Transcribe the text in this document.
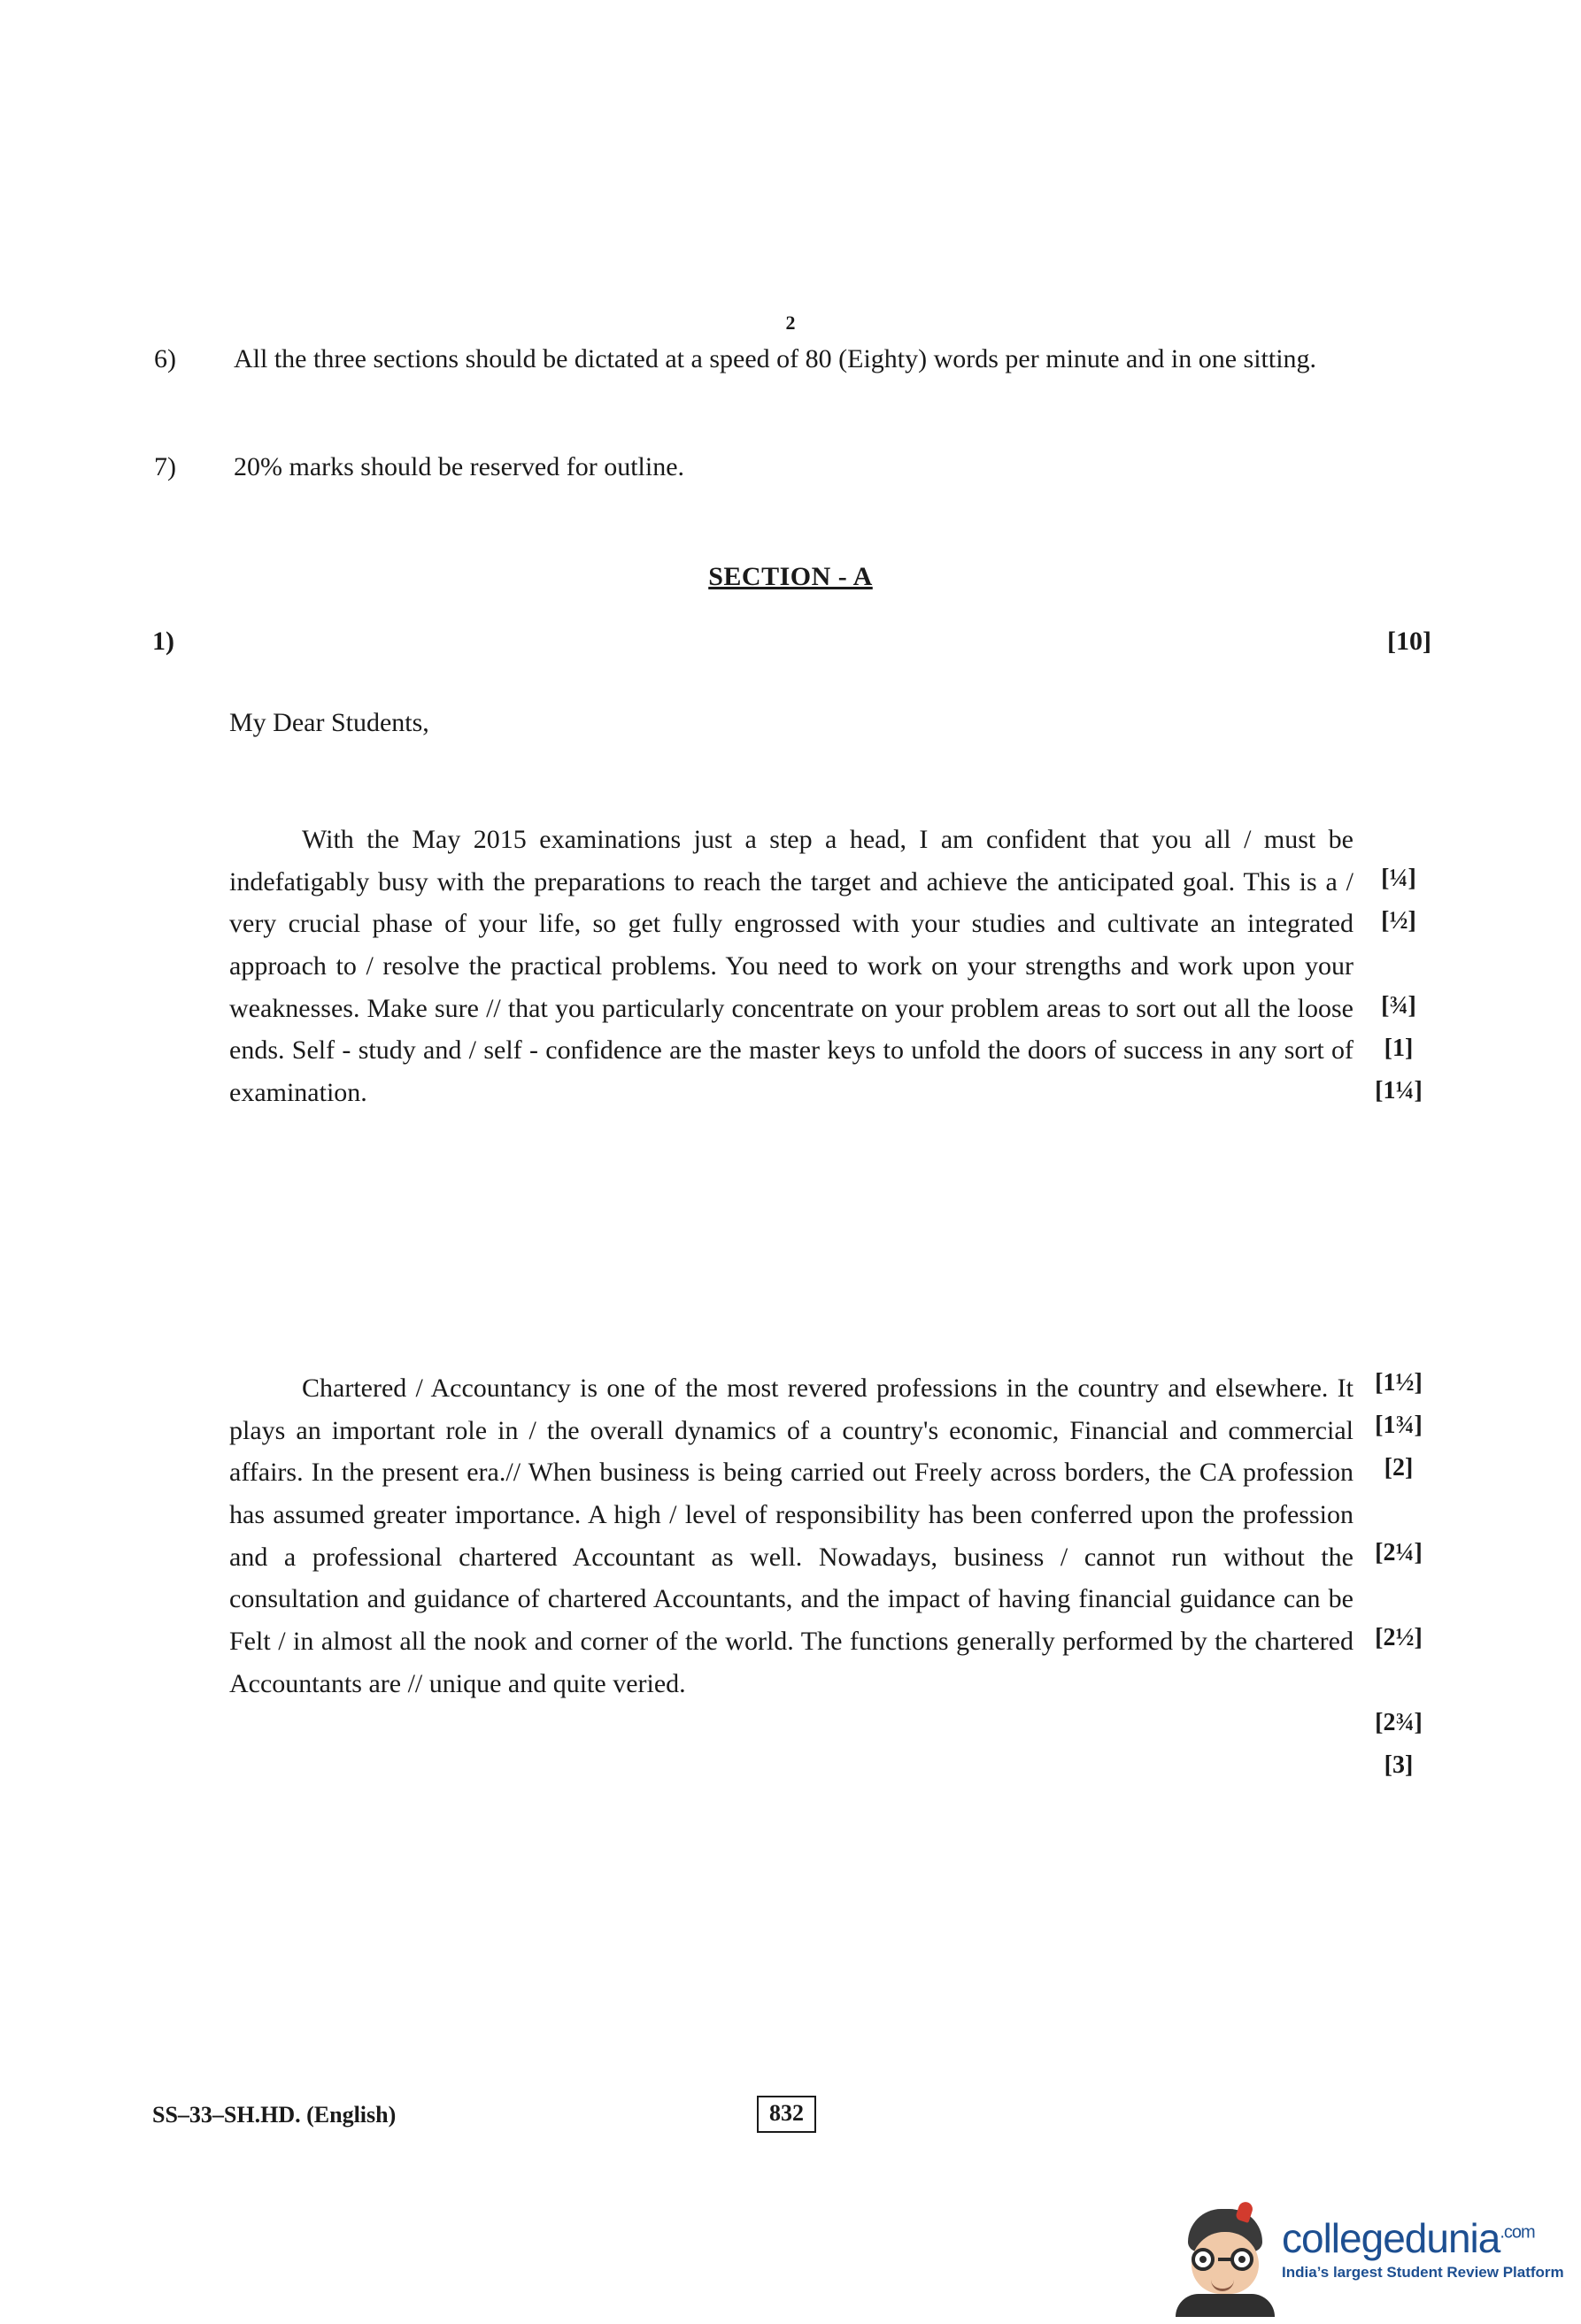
2
6)	All the three sections should be dictated at a speed of 80 (Eighty) words per minute and in one sitting.
7)	20% marks should be reserved for outline.
SECTION - A
1)	[10]
My Dear Students,
With the May 2015 examinations just a step a head, I am confident that you all / must be indefatigably busy with the preparations to reach the target and achieve the anticipated goal. This is a / very crucial phase of your life, so get fully engrossed with your studies and cultivate an integrated approach to / resolve the practical problems. You need to work on your strengths and work upon your weaknesses. Make sure // that you particularly concentrate on your problem areas to sort out all the loose ends. Self - study and / self - confidence are the master keys to unfold the doors of success in any sort of examination.
[¼]
[½]
[¾]
[1]
[1¼]
Chartered / Accountancy is one of the most revered professions in the country and elsewhere. It plays an important role in / the overall dynamics of a country's economic, Financial and commercial affairs. In the present era.// When business is being carried out Freely across borders, the CA profession has assumed greater importance. A high / level of responsibility has been conferred upon the profession and a professional chartered Accountant as well. Nowadays, business / cannot run without the consultation and guidance of chartered Accountants, and the impact of having financial guidance can be Felt / in almost all the nook and corner of the world. The functions generally performed by the chartered Accountants are // unique and quite veried.
[1½]
[1¾]
[2]
[2¼]
[2½]
[2¾]
[3]
SS–33–SH.HD. (English)	832
collegedunia$^{.com}$
India’s largest Student Review Platform
